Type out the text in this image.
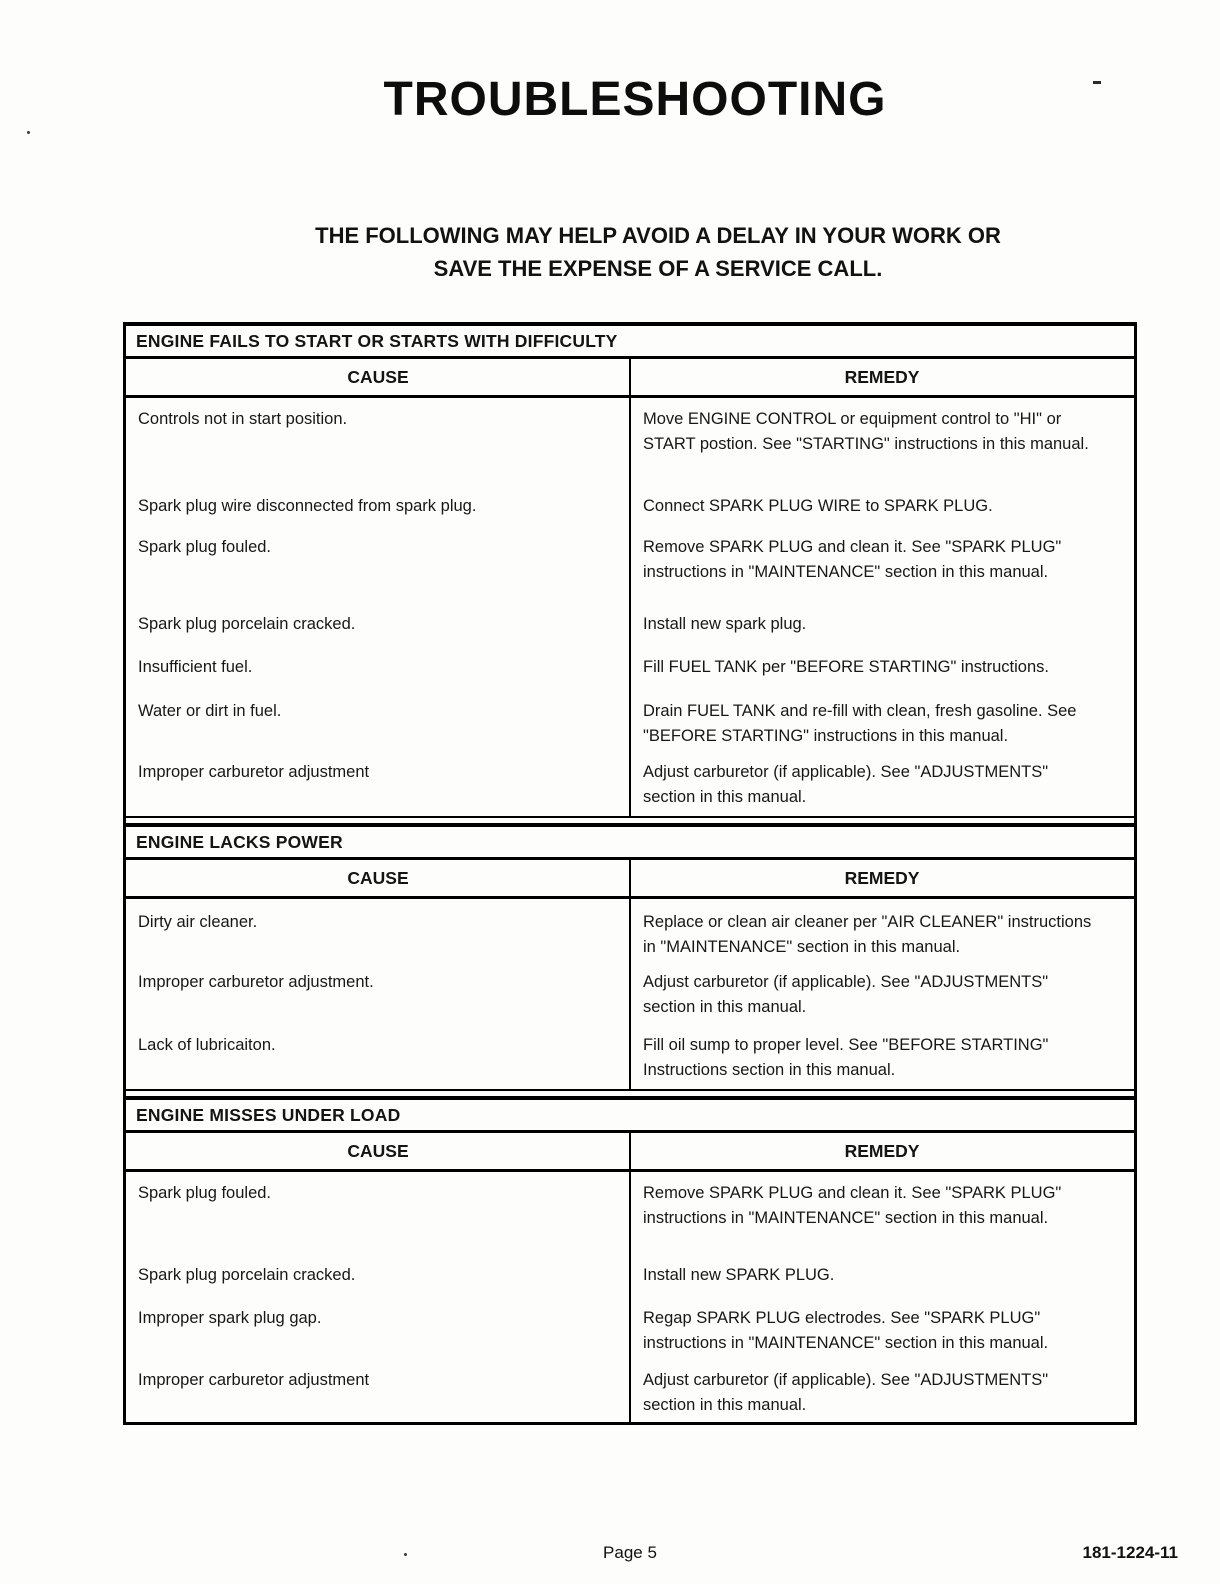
TROUBLESHOOTING
THE FOLLOWING MAY HELP AVOID A DELAY IN YOUR WORK OR
SAVE THE EXPENSE OF A SERVICE CALL.
ENGINE FAILS TO START OR STARTS WITH DIFFICULTY
CAUSE	REMEDY
Controls not in start position.	Move ENGINE CONTROL or equipment control to "HI" or START postion. See "STARTING" instructions in this manual.
Spark plug wire disconnected from spark plug.	Connect SPARK PLUG WIRE to SPARK PLUG.
Spark plug fouled.	Remove SPARK PLUG and clean it. See "SPARK PLUG" instructions in "MAINTENANCE" section in this manual.
Spark plug porcelain cracked.	Install new spark plug.
Insufficient fuel.	Fill FUEL TANK per "BEFORE STARTING" instructions.
Water or dirt in fuel.	Drain FUEL TANK and re-fill with clean, fresh gasoline. See "BEFORE STARTING" instructions in this manual.
Improper carburetor adjustment	Adjust carburetor (if applicable). See "ADJUSTMENTS" section in this manual.
ENGINE LACKS POWER
CAUSE	REMEDY
Dirty air cleaner.	Replace or clean air cleaner per "AIR CLEANER" instructions in "MAINTENANCE" section in this manual.
Improper carburetor adjustment.	Adjust carburetor (if applicable). See "ADJUSTMENTS" section in this manual.
Lack of lubricaiton.	Fill oil sump to proper level. See "BEFORE STARTING" Instructions section in this manual.
ENGINE MISSES UNDER LOAD
CAUSE	REMEDY
Spark plug fouled.	Remove SPARK PLUG and clean it. See "SPARK PLUG" instructions in "MAINTENANCE" section in this manual.
Spark plug porcelain cracked.	Install new SPARK PLUG.
Improper spark plug gap.	Regap SPARK PLUG electrodes. See "SPARK PLUG" instructions in "MAINTENANCE" section in this manual.
Improper carburetor adjustment	Adjust carburetor (if applicable). See "ADJUSTMENTS" section in this manual.
Page 5	181-1224-11
